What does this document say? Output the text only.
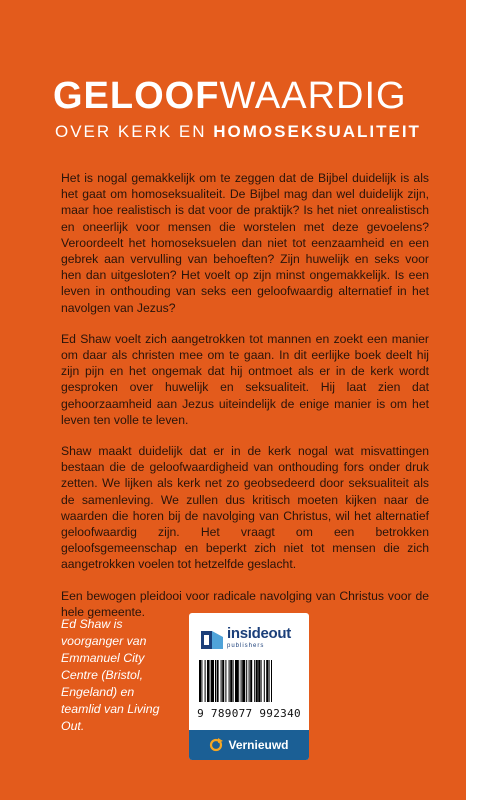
GELOOFWAARDIG
OVER KERK EN HOMOSEKSUALITEIT

Het is nogal gemakkelijk om te zeggen dat de Bijbel duidelijk is als het gaat om homoseksualiteit. De Bijbel mag dan wel duidelijk zijn, maar hoe realistisch is dat voor de praktijk? Is het niet onrealistisch en oneerlijk voor mensen die worstelen met deze gevoelens? Veroordeelt het homoseksuelen dan niet tot eenzaamheid en een gebrek aan vervulling van behoeften? Zijn huwelijk en seks voor hen dan uitgesloten? Het voelt op zijn minst ongemakkelijk. Is een leven in onthouding van seks een geloofwaardig alternatief in het navolgen van Jezus?

Ed Shaw voelt zich aangetrokken tot mannen en zoekt een manier om daar als christen mee om te gaan. In dit eerlijke boek deelt hij zijn pijn en het ongemak dat hij ontmoet als er in de kerk wordt gesproken over huwelijk en seksualiteit. Hij laat zien dat gehoorzaamheid aan Jezus uiteindelijk de enige manier is om het leven ten volle te leven.

Shaw maakt duidelijk dat er in de kerk nogal wat misvattingen bestaan die de geloofwaardigheid van onthouding fors onder druk zetten. We lijken als kerk net zo geobsedeerd door seksualiteit als de samenleving. We zullen dus kritisch moeten kijken naar de waarden die horen bij de navolging van Christus, wil het alternatief geloofwaardig zijn. Het vraagt om een betrokken geloofsgemeenschap en beperkt zich niet tot mensen die zich aangetrokken voelen tot hetzelfde geslacht.

Een bewogen pleidooi voor radicale navolging van Christus voor de hele gemeente.

Ed Shaw is voorganger van Emmanuel City Centre (Bristol, Engeland) en teamlid van Living Out.
insideout
publishers
9 789077 992340
Vernieuwd
